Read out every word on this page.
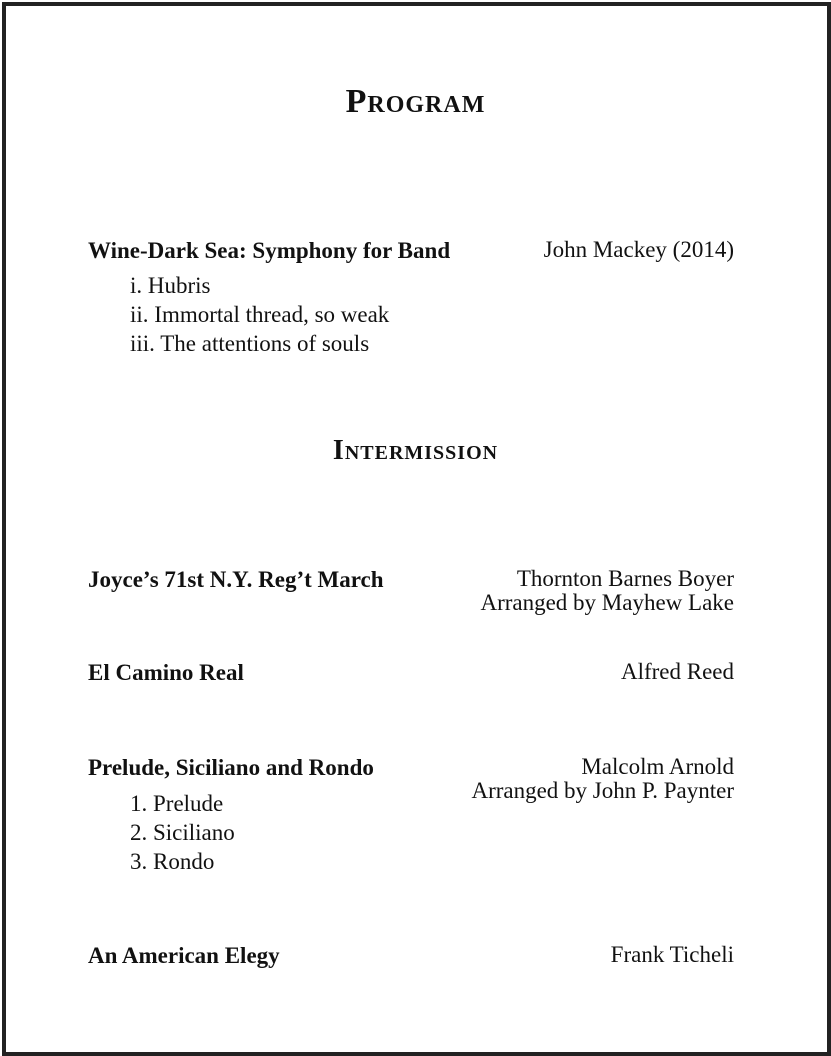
Program
Wine-Dark Sea: Symphony for Band	John Mackey (2014)
i. Hubris
ii. Immortal thread, so weak
iii. The attentions of souls
Intermission
Joyce’s 71st N.Y. Reg’t March	Thornton Barnes Boyer
Arranged by Mayhew Lake
El Camino Real	Alfred Reed
Prelude, Siciliano and Rondo	Malcolm Arnold
Arranged by John P. Paynter
1. Prelude
2. Siciliano
3. Rondo
An American Elegy	Frank Ticheli
